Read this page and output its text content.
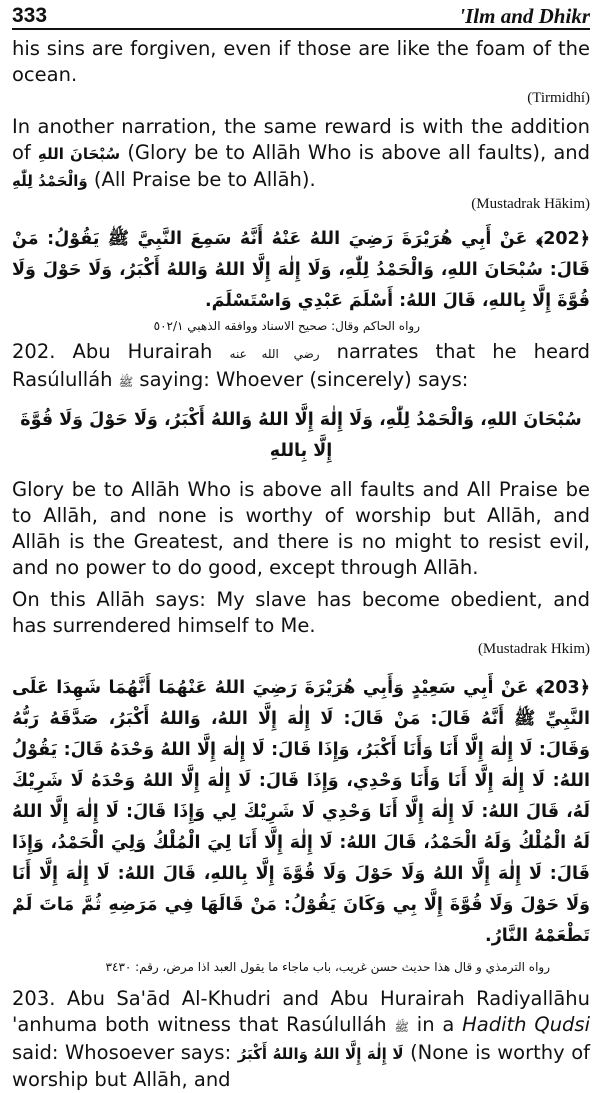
333	'Ilm and Dhikr

his sins are forgiven, even if those are like the foam of the ocean.

(Tirmidhí)

In another narration, the same reward is with the addition of سُبْحَانَ اللهِ (Glory be to Allāh Who is above all faults), and وَالْحَمْدُ لِلّٰهِ (All Praise be to Allāh).

(Mustadrak Hākim)

﴿202﴾ عَنْ أَبِي هُرَيْرَةَ رَضِيَ اللهُ عَنْهُ أَنَّهُ سَمِعَ النَّبِيَّ ﷺ يَقُوْلُ: مَنْ قَالَ: سُبْحَانَ اللهِ، وَالْحَمْدُ لِلّٰهِ، وَلَا إِلٰهَ إِلَّا اللهُ وَاللهُ أَكْبَرُ، وَلَا حَوْلَ وَلَا قُوَّةَ إِلَّا بِاللهِ، قَالَ اللهُ: أَسْلَمَ عَبْدِي وَاسْتَسْلَمَ.

رواه الحاكم وقال: صحيح الاسناد ووافقه الذهبي ٥٠٢/١

202. Abu Hurairah رضي الله عنه narrates that he heard Rasúlulláh ﷺ saying: Whoever (sincerely) says:

سُبْحَانَ اللهِ، وَالْحَمْدُ لِلّٰهِ، وَلَا إِلٰهَ إِلَّا اللهُ وَاللهُ أَكْبَرُ، وَلَا حَوْلَ وَلَا قُوَّةَ إِلَّا بِاللهِ

Glory be to Allāh Who is above all faults and All Praise be to Allāh, and none is worthy of worship but Allāh, and Allāh is the Greatest, and there is no might to resist evil, and no power to do good, except through Allāh.

On this Allāh says: My slave has become obedient, and has surrendered himself to Me.

(Mustadrak Hkim)

﴿203﴾ عَنْ أَبِي سَعِيْدٍ وَأَبِي هُرَيْرَةَ رَضِيَ اللهُ عَنْهُمَا أَنَّهُمَا شَهِدَا عَلَى النَّبِيِّ ﷺ أَنَّهُ قَالَ: مَنْ قَالَ: لَا إِلٰهَ إِلَّا اللهُ، وَاللهُ أَكْبَرُ، صَدَّقَهُ رَبُّهُ وَقَالَ: لَا إِلٰهَ إِلَّا أَنَا وَأَنَا أَكْبَرُ، وَإِذَا قَالَ: لَا إِلٰهَ إِلَّا اللهُ وَحْدَهُ قَالَ: يَقُوْلُ اللهُ: لَا إِلٰهَ إِلَّا أَنَا وَأَنَا وَحْدِي، وَإِذَا قَالَ: لَا إِلٰهَ إِلَّا اللهُ وَحْدَهُ لَا شَرِيْكَ لَهُ، قَالَ اللهُ: لَا إِلٰهَ إِلَّا أَنَا وَحْدِي لَا شَرِيْكَ لِي وَإِذَا قَالَ: لَا إِلٰهَ إِلَّا اللهُ لَهُ الْمُلْكُ وَلَهُ الْحَمْدُ، قَالَ اللهُ: لَا إِلٰهَ إِلَّا أَنَا لِيَ الْمُلْكُ وَلِيَ الْحَمْدُ، وَإِذَا قَالَ: لَا إِلٰهَ إِلَّا اللهُ وَلَا حَوْلَ وَلَا قُوَّةَ إِلَّا بِاللهِ، قَالَ اللهُ: لَا إِلٰهَ إِلَّا أَنَا وَلَا حَوْلَ وَلَا قُوَّةَ إِلَّا بِي وَكَانَ يَقُوْلُ: مَنْ قَالَهَا فِي مَرَضِهِ ثُمَّ مَاتَ لَمْ تَطْعَمْهُ النَّارُ.

رواه الترمذي و قال هذا حديث حسن غريب، باب ماجاء ما يقول العبد اذا مرض، رقم: ٣٤٣٠

203. Abu Sa'ād Al-Khudri and Abu Hurairah Radiyallāhu 'anhuma both witness that Rasúlulláh ﷺ in a Hadith Qudsi said: Whosoever says: لَا إِلٰهَ إِلَّا اللهُ وَاللهُ أَكْبَرُ (None is worthy of worship but Allāh, and
